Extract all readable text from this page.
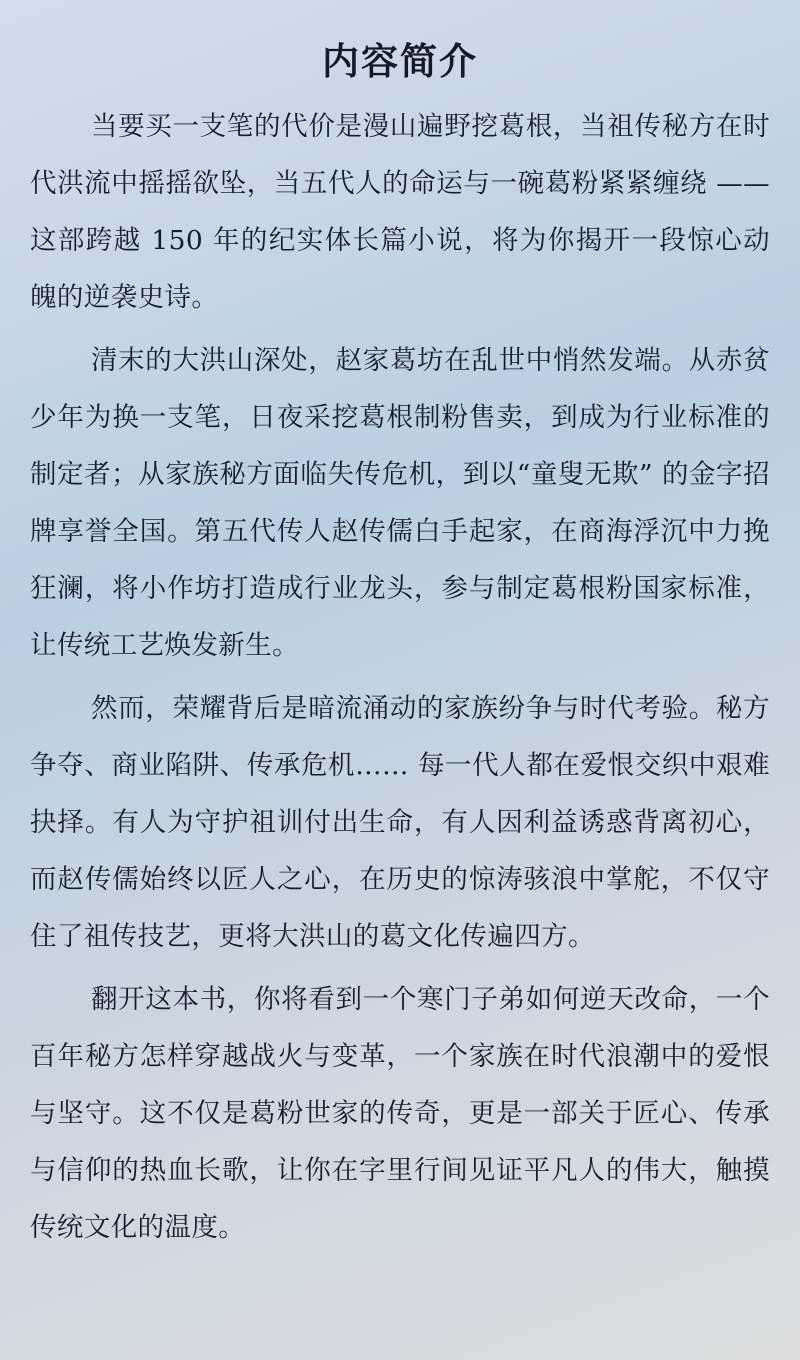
内容简介

当要买一支笔的代价是漫山遍野挖葛根，当祖传秘方在时代洪流中摇摇欲坠，当五代人的命运与一碗葛粉紧紧缠绕 —— 这部跨越 150 年的纪实体长篇小说，将为你揭开一段惊心动魄的逆袭史诗。

清末的大洪山深处，赵家葛坊在乱世中悄然发端。从赤贫少年为换一支笔，日夜采挖葛根制粉售卖，到成为行业标准的制定者；从家族秘方面临失传危机，到以“童叟无欺” 的金字招牌享誉全国。第五代传人赵传儒白手起家，在商海浮沉中力挽狂澜，将小作坊打造成行业龙头，参与制定葛根粉国家标准，让传统工艺焕发新生。

然而，荣耀背后是暗流涌动的家族纷争与时代考验。秘方争夺、商业陷阱、传承危机…… 每一代人都在爱恨交织中艰难抉择。有人为守护祖训付出生命，有人因利益诱惑背离初心，而赵传儒始终以匠人之心，在历史的惊涛骇浪中掌舵，不仅守住了祖传技艺，更将大洪山的葛文化传遍四方。

翻开这本书，你将看到一个寒门子弟如何逆天改命，一个百年秘方怎样穿越战火与变革，一个家族在时代浪潮中的爱恨与坚守。这不仅是葛粉世家的传奇，更是一部关于匠心、传承与信仰的热血长歌，让你在字里行间见证平凡人的伟大，触摸传统文化的温度。
